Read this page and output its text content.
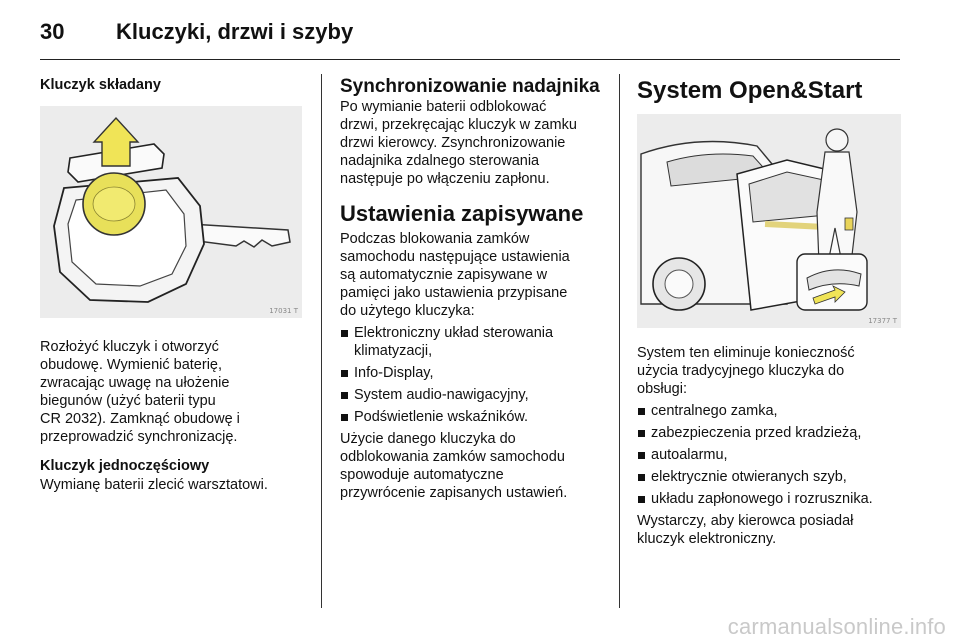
30 Kluczyki, drzwi i szyby
Kluczyk składany
17031 T

Rozłożyć kluczyk i otworzyć
obudowę. Wymienić baterię,
zwracając uwagę na ułożenie
biegunów (użyć baterii typu
CR 2032). Zamknąć obudowę i
przeprowadzić synchronizację.

Kluczyk jednoczęściowy

Wymianę baterii zlecić warsztatowi.

Synchronizowanie nadajnika

Po wymianie baterii odblokować
drzwi, przekręcając kluczyk w zamku
drzwi kierowcy. Zsynchronizowanie
nadajnika zdalnego sterowania
następuje po włączeniu zapłonu.

Ustawienia zapisywane

Podczas blokowania zamków
samochodu następujące ustawienia
są automatycznie zapisywane w
pamięci jako ustawienia przypisane
do użytego kluczyka:

Elektroniczny układ sterowania klimatyzacji,
Info-Display,
System audio-nawigacyjny,
Podświetlenie wskaźników.

Użycie danego kluczyka do
odblokowania zamków samochodu
spowoduje automatyczne
przywrócenie zapisanych ustawień.

System Open&Start
17377 T

System ten eliminuje konieczność
użycia tradycyjnego kluczyka do
obsługi:

centralnego zamka,
zabezpieczenia przed kradzieżą,
autoalarmu,
elektrycznie otwieranych szyb,
układu zapłonowego i rozrusznika.

Wystarczy, aby kierowca posiadał
kluczyk elektroniczny.

carmanualsonline.info
